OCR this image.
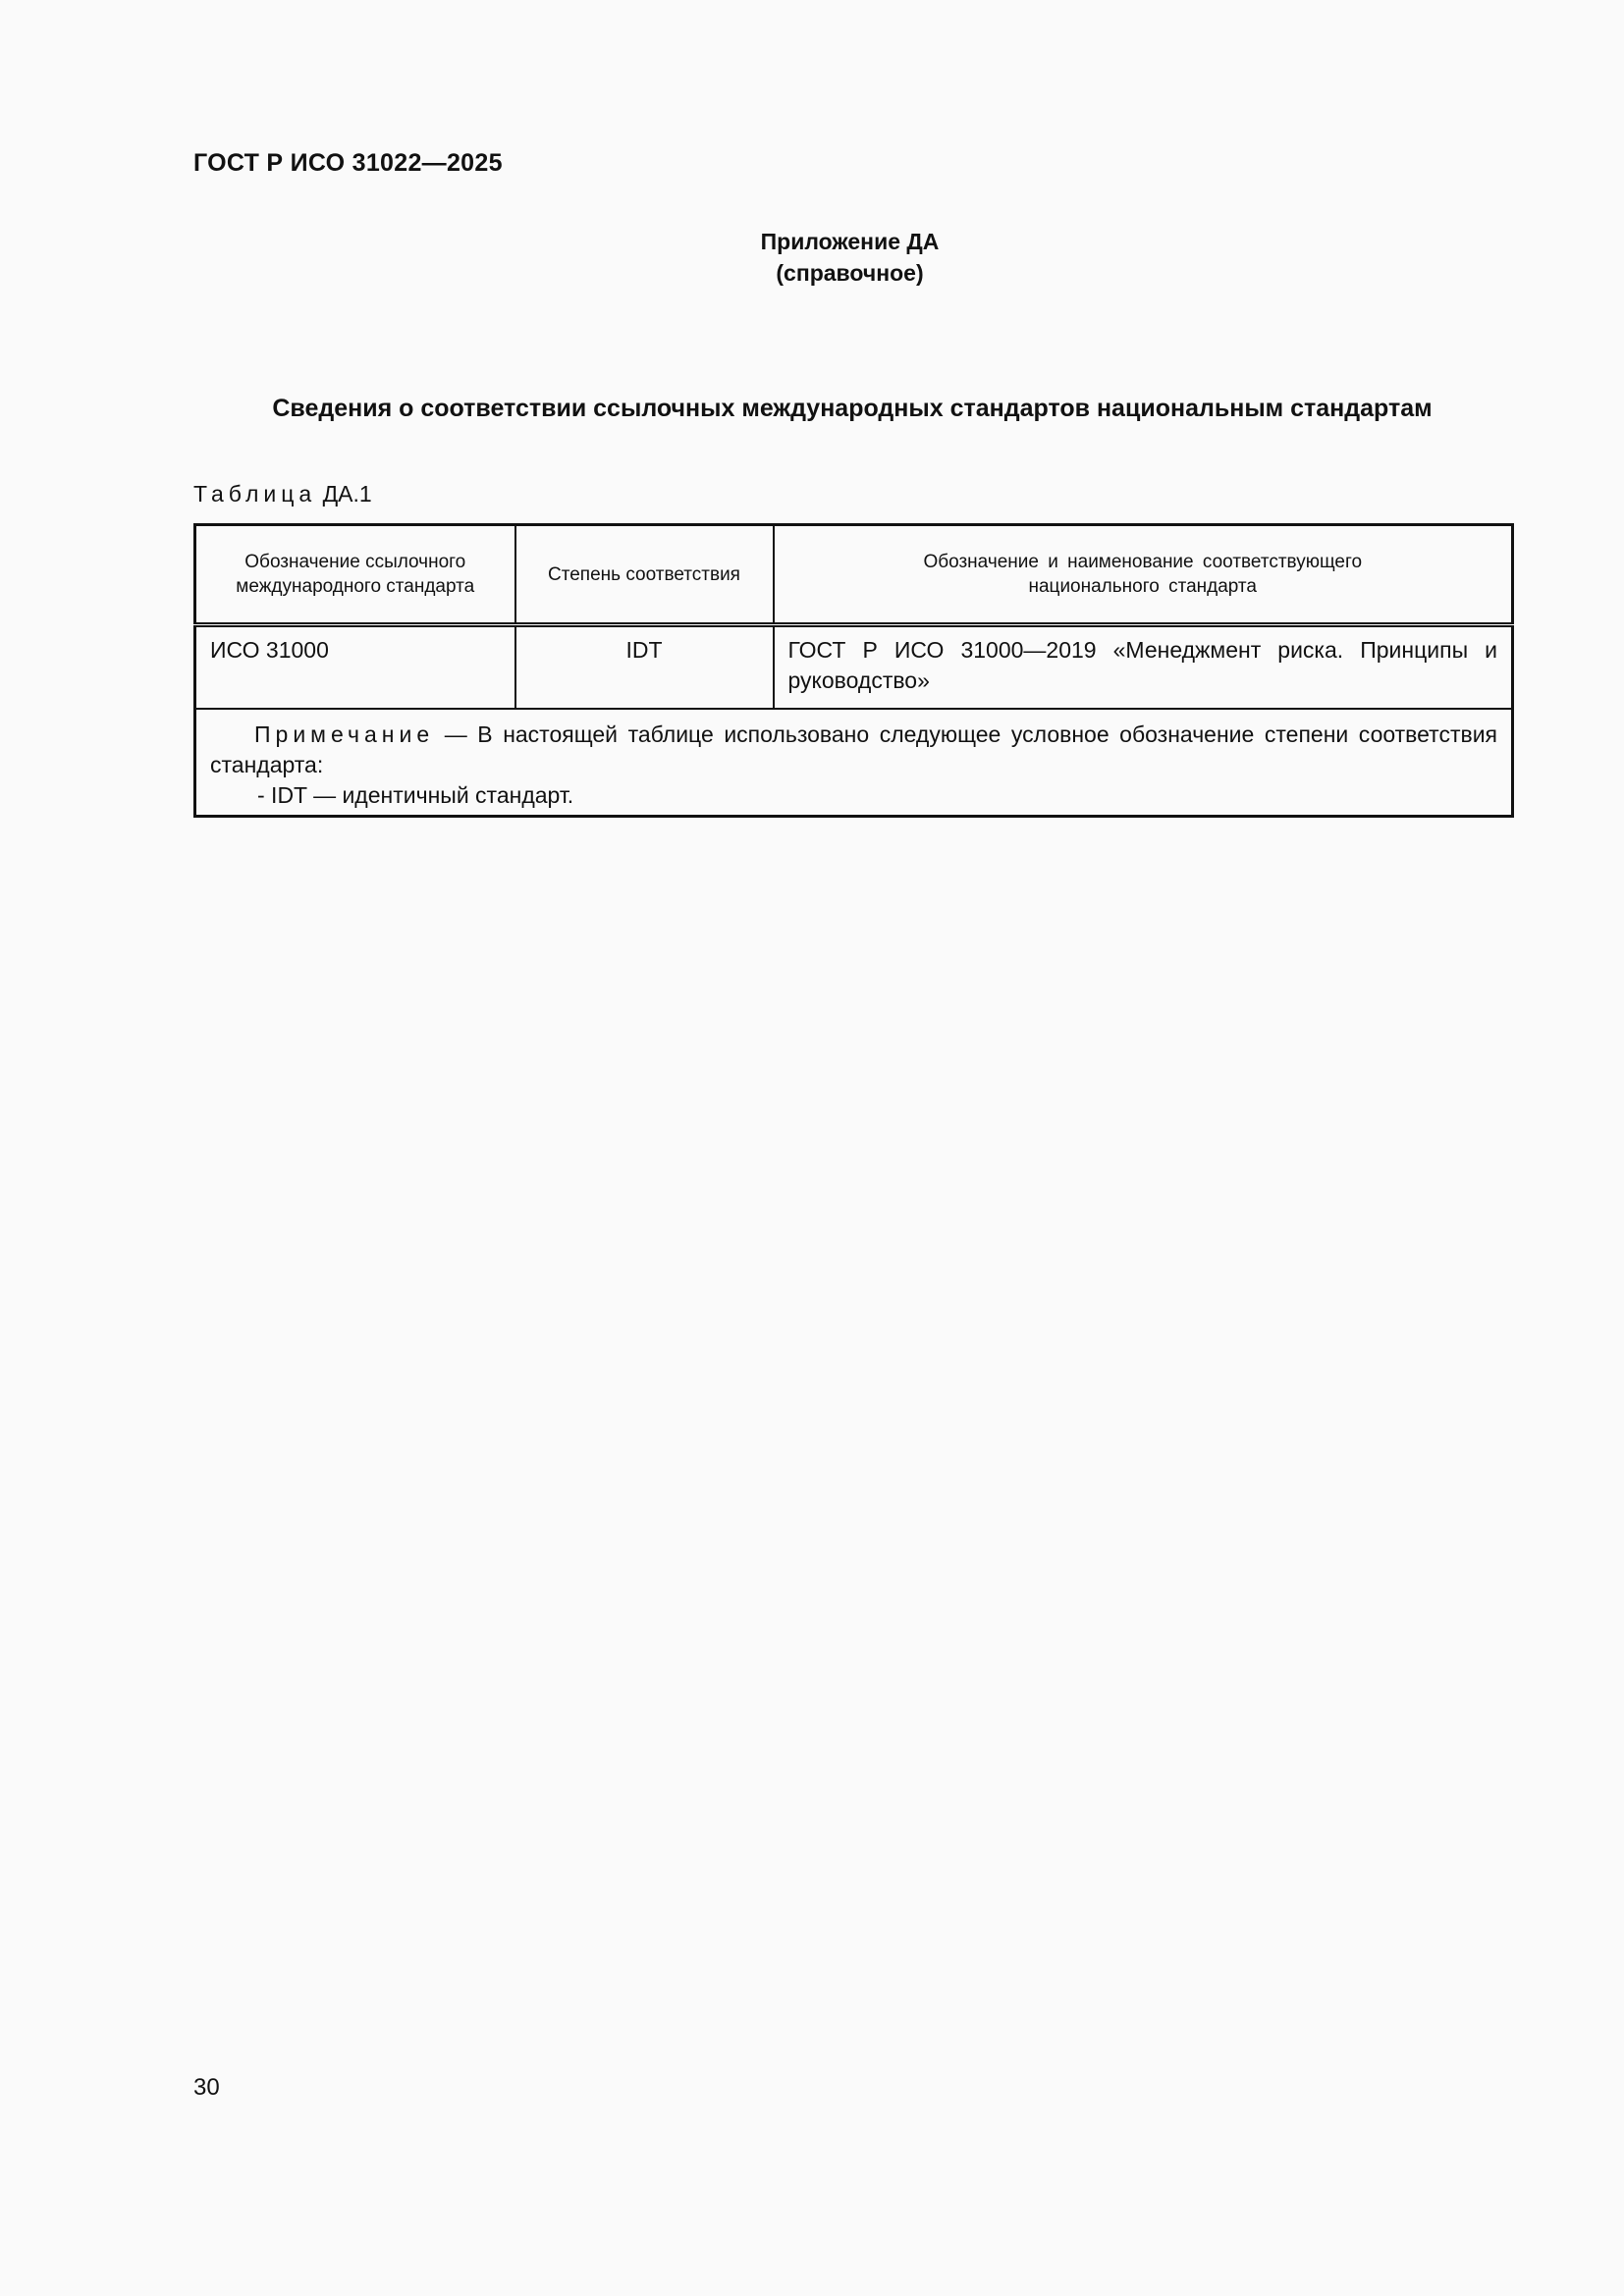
ГОСТ Р ИСО 31022—2025
Приложение ДА
(справочное)
Сведения о соответствии ссылочных международных стандартов национальным стандартам
Таблица ДА.1
Обозначение ссылочного международного стандарта	Степень соответствия	Обозначение и наименование соответствующего национального стандарта

ИСО 31000	IDT	ГОСТ Р ИСО 31000—2019 «Менеджмент риска. Принципы и руководство»

Примечание — В настоящей таблице использовано следующее условное обозначение степени соответствия стандарта:
- IDT — идентичный стандарт.		
30
